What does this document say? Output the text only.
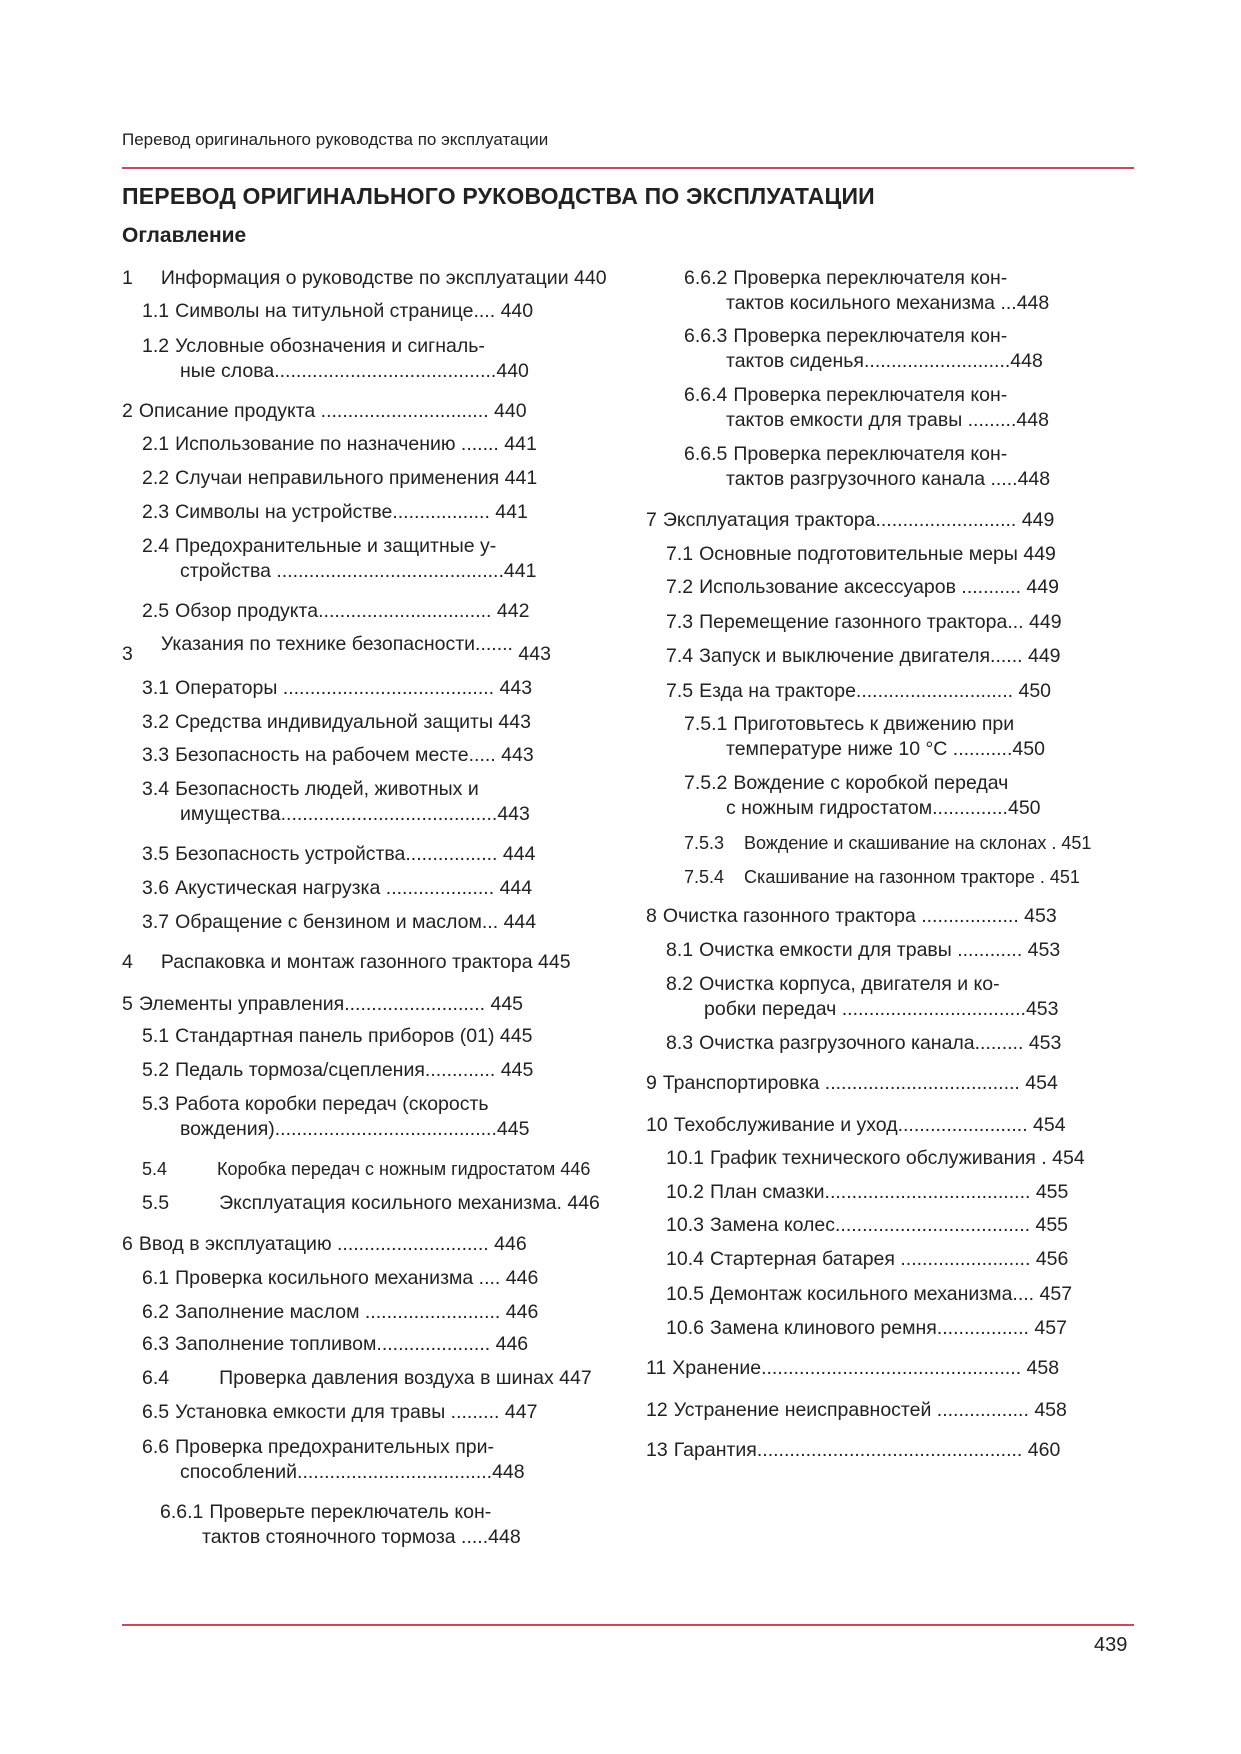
Перевод оригинального руководства по эксплуатации
ПЕРЕВОД ОРИГИНАЛЬНОГО РУКОВОДСТВА ПО ЭКСПЛУАТАЦИИ
Оглавление
1 Информация о руководстве по эксплуатации 440
1.1 Символы на титульной странице.... 440
1.2 Условные обозначения и сигналь-
ные слова.........................................440
2 Описание продукта ............................... 440
2.1 Использование по назначению ....... 441
2.2 Случаи неправильного применения 441
2.3 Символы на устройстве.................. 441
2.4 Предохранительные и защитные у-
стройства ..........................................441
2.5 Обзор продукта................................ 442
3 Указания по технике безопасности....... 443
3.1 Операторы ....................................... 443
3.2 Средства индивидуальной защиты 443
3.3 Безопасность на рабочем месте..... 443
3.4 Безопасность людей, животных и
имущества........................................443
3.5 Безопасность устройства................. 444
3.6 Акустическая нагрузка .................... 444
3.7 Обращение с бензином и маслом... 444
4 Распаковка и монтаж газонного трактора 445
5 Элементы управления.......................... 445
5.1 Стандартная панель приборов (01) 445
5.2 Педаль тормоза/сцепления............. 445
5.3 Работа коробки передач (скорость
вождения).........................................445
5.4	Коробка передач с ножным гидростатом 446
5.5	Эксплуатация косильного механизма. 446
6 Ввод в эксплуатацию ............................ 446
6.1 Проверка косильного механизма .... 446
6.2 Заполнение маслом ......................... 446
6.3 Заполнение топливом..................... 446
6.4	Проверка давления воздуха в шинах 447
6.5 Установка емкости для травы ......... 447
6.6 Проверка предохранительных при-
способлений....................................448
6.6.1 Проверьте переключатель кон-
тактов стояночного тормоза .....448
6.6.2 Проверка переключателя кон-
тактов косильного механизма ...448
6.6.3 Проверка переключателя кон-
тактов сиденья...........................448
6.6.4 Проверка переключателя кон-
тактов емкости для травы .........448
6.6.5 Проверка переключателя кон-
тактов разгрузочного канала .....448
7 Эксплуатация трактора.......................... 449
7.1 Основные подготовительные меры 449
7.2 Использование аксессуаров ........... 449
7.3 Перемещение газонного трактора... 449
7.4 Запуск и выключение двигателя...... 449
7.5 Езда на тракторе............................. 450
7.5.1 Приготовьтесь к движению при
температуре ниже 10 °C ...........450
7.5.2 Вождение с коробкой передач
с ножным гидростатом..............450
7.5.3 Вождение и скашивание на склонах . 451
7.5.4 Скашивание на газонном тракторе . 451
8 Очистка газонного трактора .................. 453
8.1 Очистка емкости для травы ............ 453
8.2 Очистка корпуса, двигателя и ко-
робки передач ..................................453
8.3 Очистка разгрузочного канала......... 453
9 Транспортировка .................................... 454
10 Техобслуживание и уход........................ 454
10.1 График технического обслуживания . 454
10.2 План смазки...................................... 455
10.3 Замена колес.................................... 455
10.4 Стартерная батарея ........................ 456
10.5 Демонтаж косильного механизма.... 457
10.6 Замена клинового ремня................. 457
11 Хранение................................................ 458
12 Устранение неисправностей ................. 458
13 Гарантия................................................. 460
439
